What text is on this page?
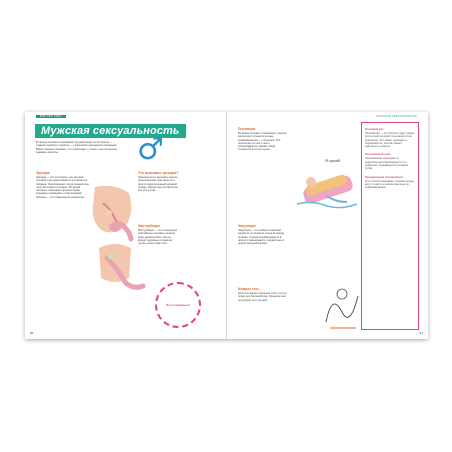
ВСЁ ПРО ТЕЛО
Мужская сексуальность
♂
В период полового созревания под действием тестостерона — главного мужского гормона — у мальчиков начинаются изменения. Важно заранее понимать, что происходит с телом, и не стесняться задавать вопросы.
Эрекция
Эрекция — это состояние, при котором половой член увеличивается и становится твёрдым. Она возникает, когда пещеристые тела наполняются кровью. Во время полового созревания эрекция может возникать неожиданно и без видимой причины — это совершенно нормально.
Что вызывает эрекцию?
Эрекцию могут вызывать мысли, прикосновения, фантазии или просто переполненный мочевой пузырь. Иногда она случается во сне или утром.
Мастурбация
Мастурбация — это стимуляция собственных половых органов ради удовольствия. Она не вредит здоровью и помогает лучше узнать своё тело.
Это нормально!
20
МУЖСКАЯ СЕКСУАЛЬНОСТЬ
Поллюции
Во время полового созревания у многих мальчиков случаются ночные семяизвержения — поллюции. Это происходит во сне и часто сопровождается яркими снами. Стыдиться этого не нужно.
Я сухой!
Эякуляция
Эякуляция — это выброс семенной жидкости из полового члена во время оргазма. Сперма вырабатывается в яичках и смешивается с жидкостью из предстательной железы.
Мокрые сны
Если поллюции случаются часто, это не повод для беспокойства. Организм сам регулирует этот процесс.
Половой акт
Половой акт — это близость двух людей, при которой половой член вводится во влагалище. Это может приводить к беременности, поэтому важно заботиться о защите.
Безопасный секс
Презервативы защищают от нежелательной беременности и от инфекций, передающихся половым путём.
Прерванный половой акт
Этот способ ненадёжен: сперматозоиды могут попасть во влагалище ещё до семяизвержения.
21
